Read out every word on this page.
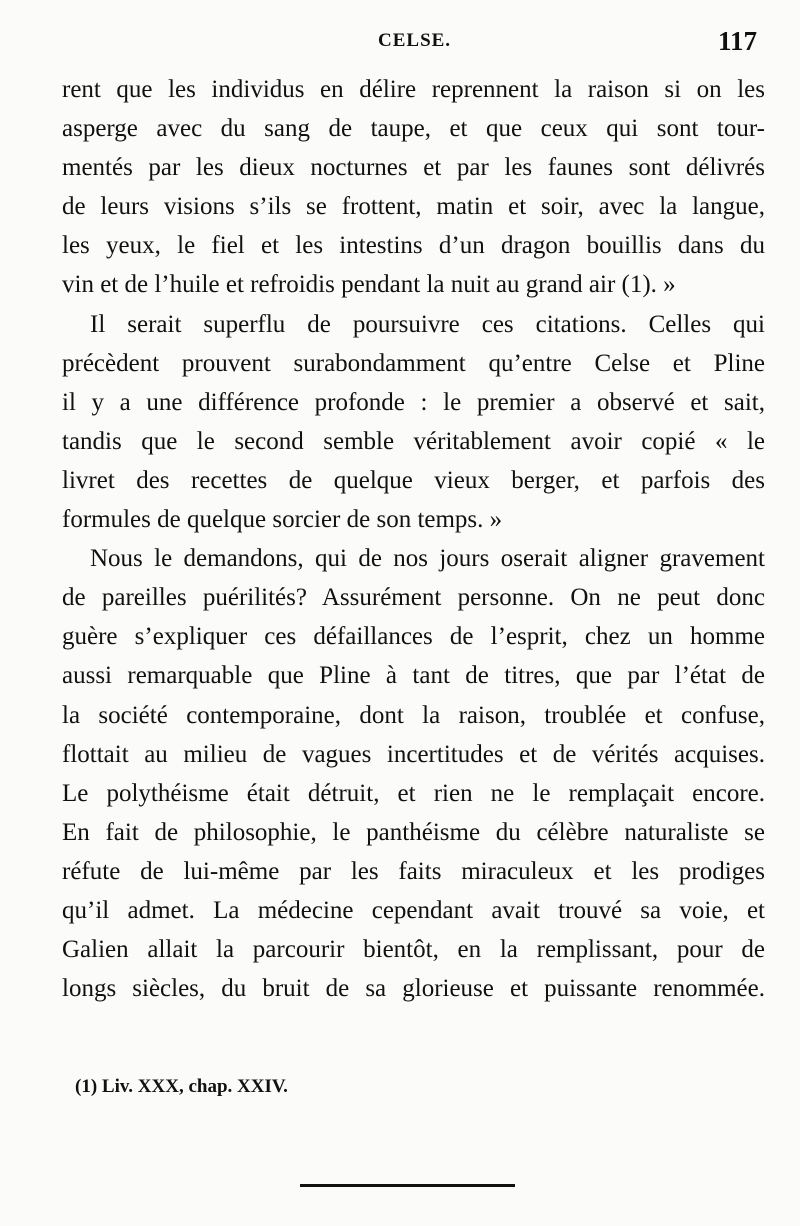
CELSE.	117
rent que les individus en délire reprennent la raison si on les
asperge avec du sang de taupe, et que ceux qui sont tour-
mentés par les dieux nocturnes et par les faunes sont délivrés
de leurs visions s’ils se frottent, matin et soir, avec la langue,
les yeux, le fiel et les intestins d’un dragon bouillis dans du
vin et de l’huile et refroidis pendant la nuit au grand air (1). »
Il serait superflu de poursuivre ces citations. Celles qui
précèdent prouvent surabondamment qu’entre Celse et Pline
il y a une différence profonde : le premier a observé et sait,
tandis que le second semble véritablement avoir copié « le
livret des recettes de quelque vieux berger, et parfois des
formules de quelque sorcier de son temps. »
Nous le demandons, qui de nos jours oserait aligner gravement
de pareilles puérilités? Assurément personne. On ne peut donc
guère s’expliquer ces défaillances de l’esprit, chez un homme
aussi remarquable que Pline à tant de titres, que par l’état de
la société contemporaine, dont la raison, troublée et confuse,
flottait au milieu de vagues incertitudes et de vérités acquises.
Le polythéisme était détruit, et rien ne le remplaçait encore.
En fait de philosophie, le panthéisme du célèbre naturaliste se
réfute de lui-même par les faits miraculeux et les prodiges
qu’il admet. La médecine cependant avait trouvé sa voie, et
Galien allait la parcourir bientôt, en la remplissant, pour de
longs siècles, du bruit de sa glorieuse et puissante renommée.
(1) Liv. XXX, chap. XXIV.
